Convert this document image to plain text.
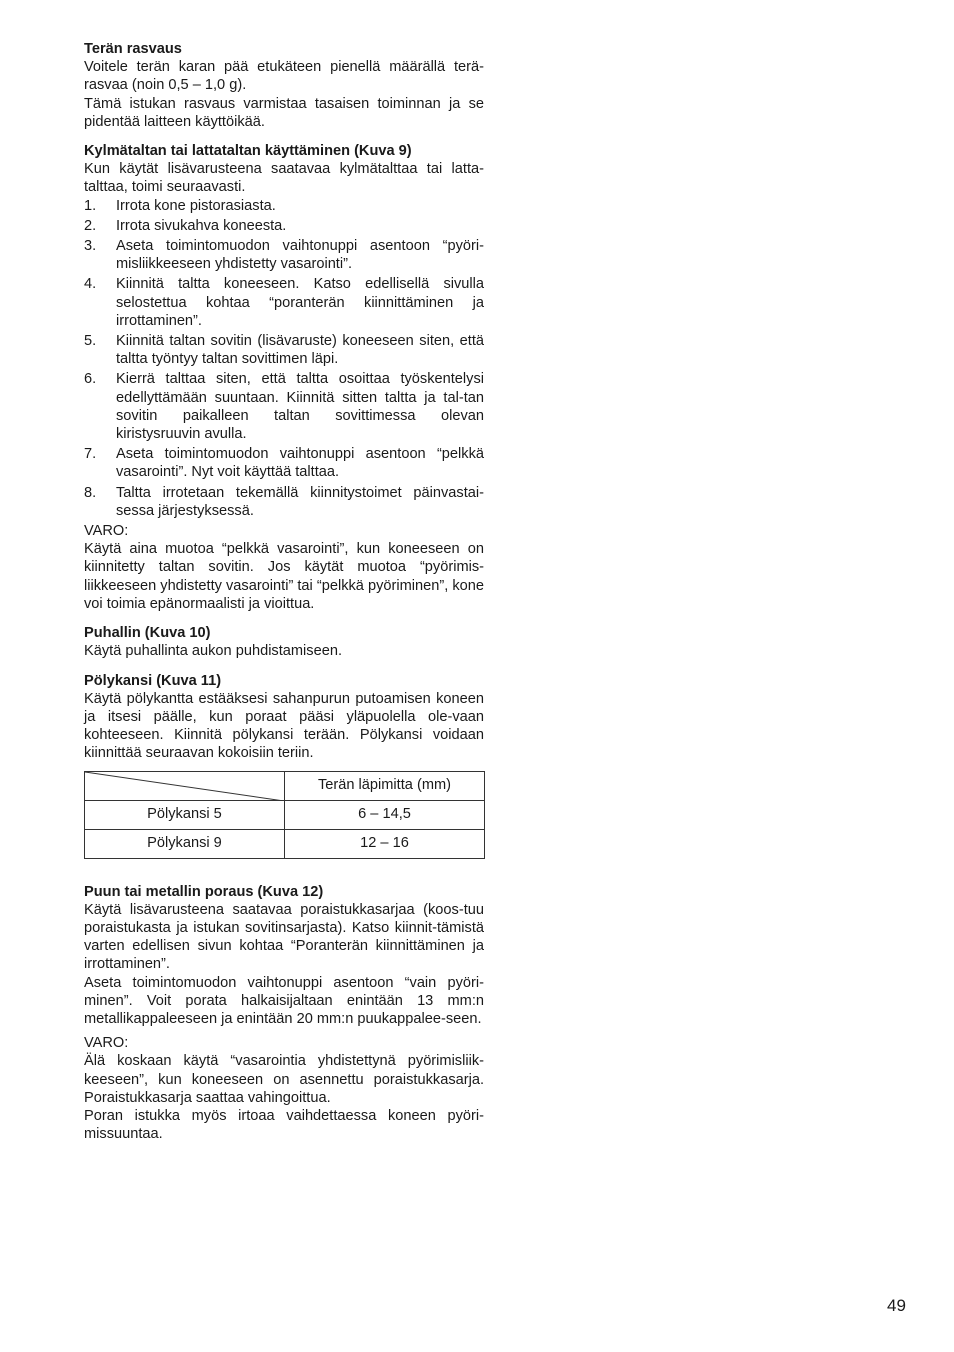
Terän rasvaus

Voitele terän karan pää etukäteen pienellä määrällä terä-rasvaa (noin 0,5 – 1,0 g).

Tämä istukan rasvaus varmistaa tasaisen toiminnan ja se pidentää laitteen käyttöikää.

Kylmätaltan tai lattataltan käyttäminen (Kuva 9)

Kun käytät lisävarusteena saatavaa kylmätalttaa tai latta-talttaa, toimi seuraavasti.

1. Irrota kone pistorasiasta.
2. Irrota sivukahva koneesta.
3. Aseta toimintomuodon vaihtonuppi asentoon “pyöri-misliikkeeseen yhdistetty vasarointi”.
4. Kiinnitä taltta koneeseen. Katso edellisellä sivulla selostettua kohtaa “poranterän kiinnittäminen ja irrottaminen”.
5. Kiinnitä taltan sovitin (lisävaruste) koneeseen siten, että taltta työntyy taltan sovittimen läpi.
6. Kierrä talttaa siten, että taltta osoittaa työskentelysi edellyttämään suuntaan. Kiinnitä sitten taltta ja tal-tan sovitin paikalleen taltan sovittimessa olevan kiristysruuvin avulla.
7. Aseta toimintomuodon vaihtonuppi asentoon “pelkkä vasarointi”. Nyt voit käyttää talttaa.
8. Taltta irrotetaan tekemällä kiinnitystoimet päinvastai-sessa järjestyksessä.

VARO:

Käytä aina muotoa “pelkkä vasarointi”, kun koneeseen on kiinnitetty taltan sovitin. Jos käytät muotoa “pyörimis-liikkeeseen yhdistetty vasarointi” tai “pelkkä pyöriminen”, kone voi toimia epänormaalisti ja vioittua.

Puhallin (Kuva 10)

Käytä puhallinta aukon puhdistamiseen.

Pölykansi (Kuva 11)

Käytä pölykantta estääksesi sahanpurun putoamisen koneen ja itsesi päälle, kun poraat pääsi yläpuolella ole-vaan kohteeseen. Kiinnitä pölykansi terään. Pölykansi voidaan kiinnittää seuraavan kokoisiin teriin.

	Terän läpimitta (mm)
Pölykansi 5	6 – 14,5
Pölykansi 9	12 – 16
Puun tai metallin poraus (Kuva 12)

Käytä lisävarusteena saatavaa poraistukkasarjaa (koos-tuu poraistukasta ja istukan sovitinsarjasta). Katso kiinnit-tämistä varten edellisen sivun kohtaa “Poranterän kiinnittäminen ja irrottaminen”.

Aseta toimintomuodon vaihtonuppi asentoon “vain pyöri-minen”. Voit porata halkaisijaltaan enintään 13 mm:n metallikappaleeseen ja enintään 20 mm:n puukappalee-seen.

VARO:

Älä koskaan käytä “vasarointia yhdistettynä pyörimisliik-keeseen”, kun koneeseen on asennettu poraistukkasarja. Poraistukkasarja saattaa vahingoittua.

Poran istukka myös irtoaa vaihdettaessa koneen pyöri-missuuntaa.

49
